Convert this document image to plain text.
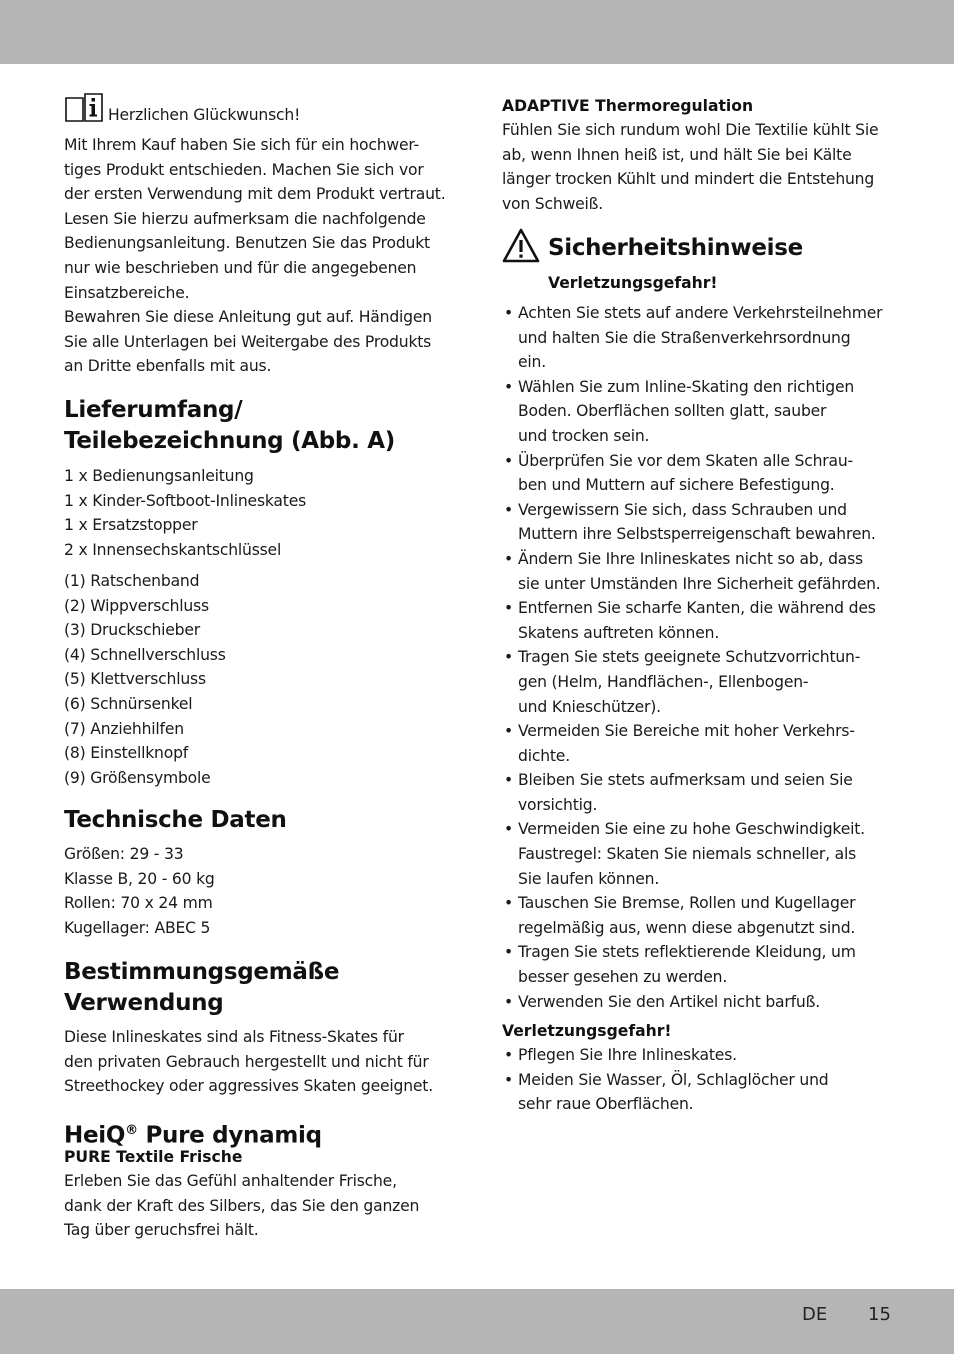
Herzlichen Glückwunsch!

Mit Ihrem Kauf haben Sie sich für ein hochwer-

tiges Produkt entschieden. Machen Sie sich vor

der ersten Verwendung mit dem Produkt vertraut.

Lesen Sie hierzu aufmerksam die nachfolgende

Bedienungsanleitung. Benutzen Sie das Produkt

nur wie beschrieben und für die angegebenen

Einsatzbereiche.

Bewahren Sie diese Anleitung gut auf. Händigen

Sie alle Unterlagen bei Weitergabe des Produkts

an Dritte ebenfalls mit aus.

Lieferumfang/
Teilebezeichnung (Abb. A)

1 x Bedienungsanleitung

1 x Kinder-Softboot-Inlineskates

1 x Ersatzstopper

2 x Innensechskantschlüssel

(1) Ratschenband

(2) Wippverschluss

(3) Druckschieber

(4) Schnellverschluss

(5) Klettverschluss

(6) Schnürsenkel

(7) Anziehhilfen

(8) Einstellknopf

(9) Größensymbole

Technische Daten

Größen: 29 - 33

Klasse B, 20 - 60 kg

Rollen: 70 x 24 mm

Kugellager: ABEC 5

Bestimmungsgemäße
Verwendung

Diese Inlineskates sind als Fitness-Skates für

den privaten Gebrauch hergestellt und nicht für

Streethockey oder aggressives Skaten geeignet.

HeiQ® Pure dynamiq
PURE Textile Frische

Erleben Sie das Gefühl anhaltender Frische,

dank der Kraft des Silbers, das Sie den ganzen

Tag über geruchsfrei hält.

ADAPTIVE Thermoregulation

Fühlen Sie sich rundum wohl Die Textilie kühlt Sie

ab, wenn Ihnen heiß ist, und hält Sie bei Kälte

länger trocken Kühlt und mindert die Entstehung

von Schweiß.

Sicherheitshinweise
Verletzungsgefahr!
• Achten Sie stets auf andere Verkehrsteilnehmer
und halten Sie die Straßenverkehrsordnung
ein.
• Wählen Sie zum Inline-Skating den richtigen
Boden. Oberflächen sollten glatt, sauber
und trocken sein.
• Überprüfen Sie vor dem Skaten alle Schrau-
ben und Muttern auf sichere Befestigung.
• Vergewissern Sie sich, dass Schrauben und
Muttern ihre Selbstsperreigenschaft bewahren.
• Ändern Sie Ihre Inlineskates nicht so ab, dass
sie unter Umständen Ihre Sicherheit gefährden.
• Entfernen Sie scharfe Kanten, die während des
Skatens auftreten können.
• Tragen Sie stets geeignete Schutzvorrichtun-
gen (Helm, Handflächen-, Ellenbogen-
und Knieschützer).
• Vermeiden Sie Bereiche mit hoher Verkehrs-
dichte.
• Bleiben Sie stets aufmerksam und seien Sie
vorsichtig.
• Vermeiden Sie eine zu hohe Geschwindigkeit.
Faustregel: Skaten Sie niemals schneller, als
Sie laufen können.
• Tauschen Sie Bremse, Rollen und Kugellager
regelmäßig aus, wenn diese abgenutzt sind.
• Tragen Sie stets reflektierende Kleidung, um
besser gesehen zu werden.
• Verwenden Sie den Artikel nicht barfuß.
Verletzungsgefahr!
• Pflegen Sie Ihre Inlineskates.
• Meiden Sie Wasser, Öl, Schlaglöcher und
sehr raue Oberflächen.
DE 15
